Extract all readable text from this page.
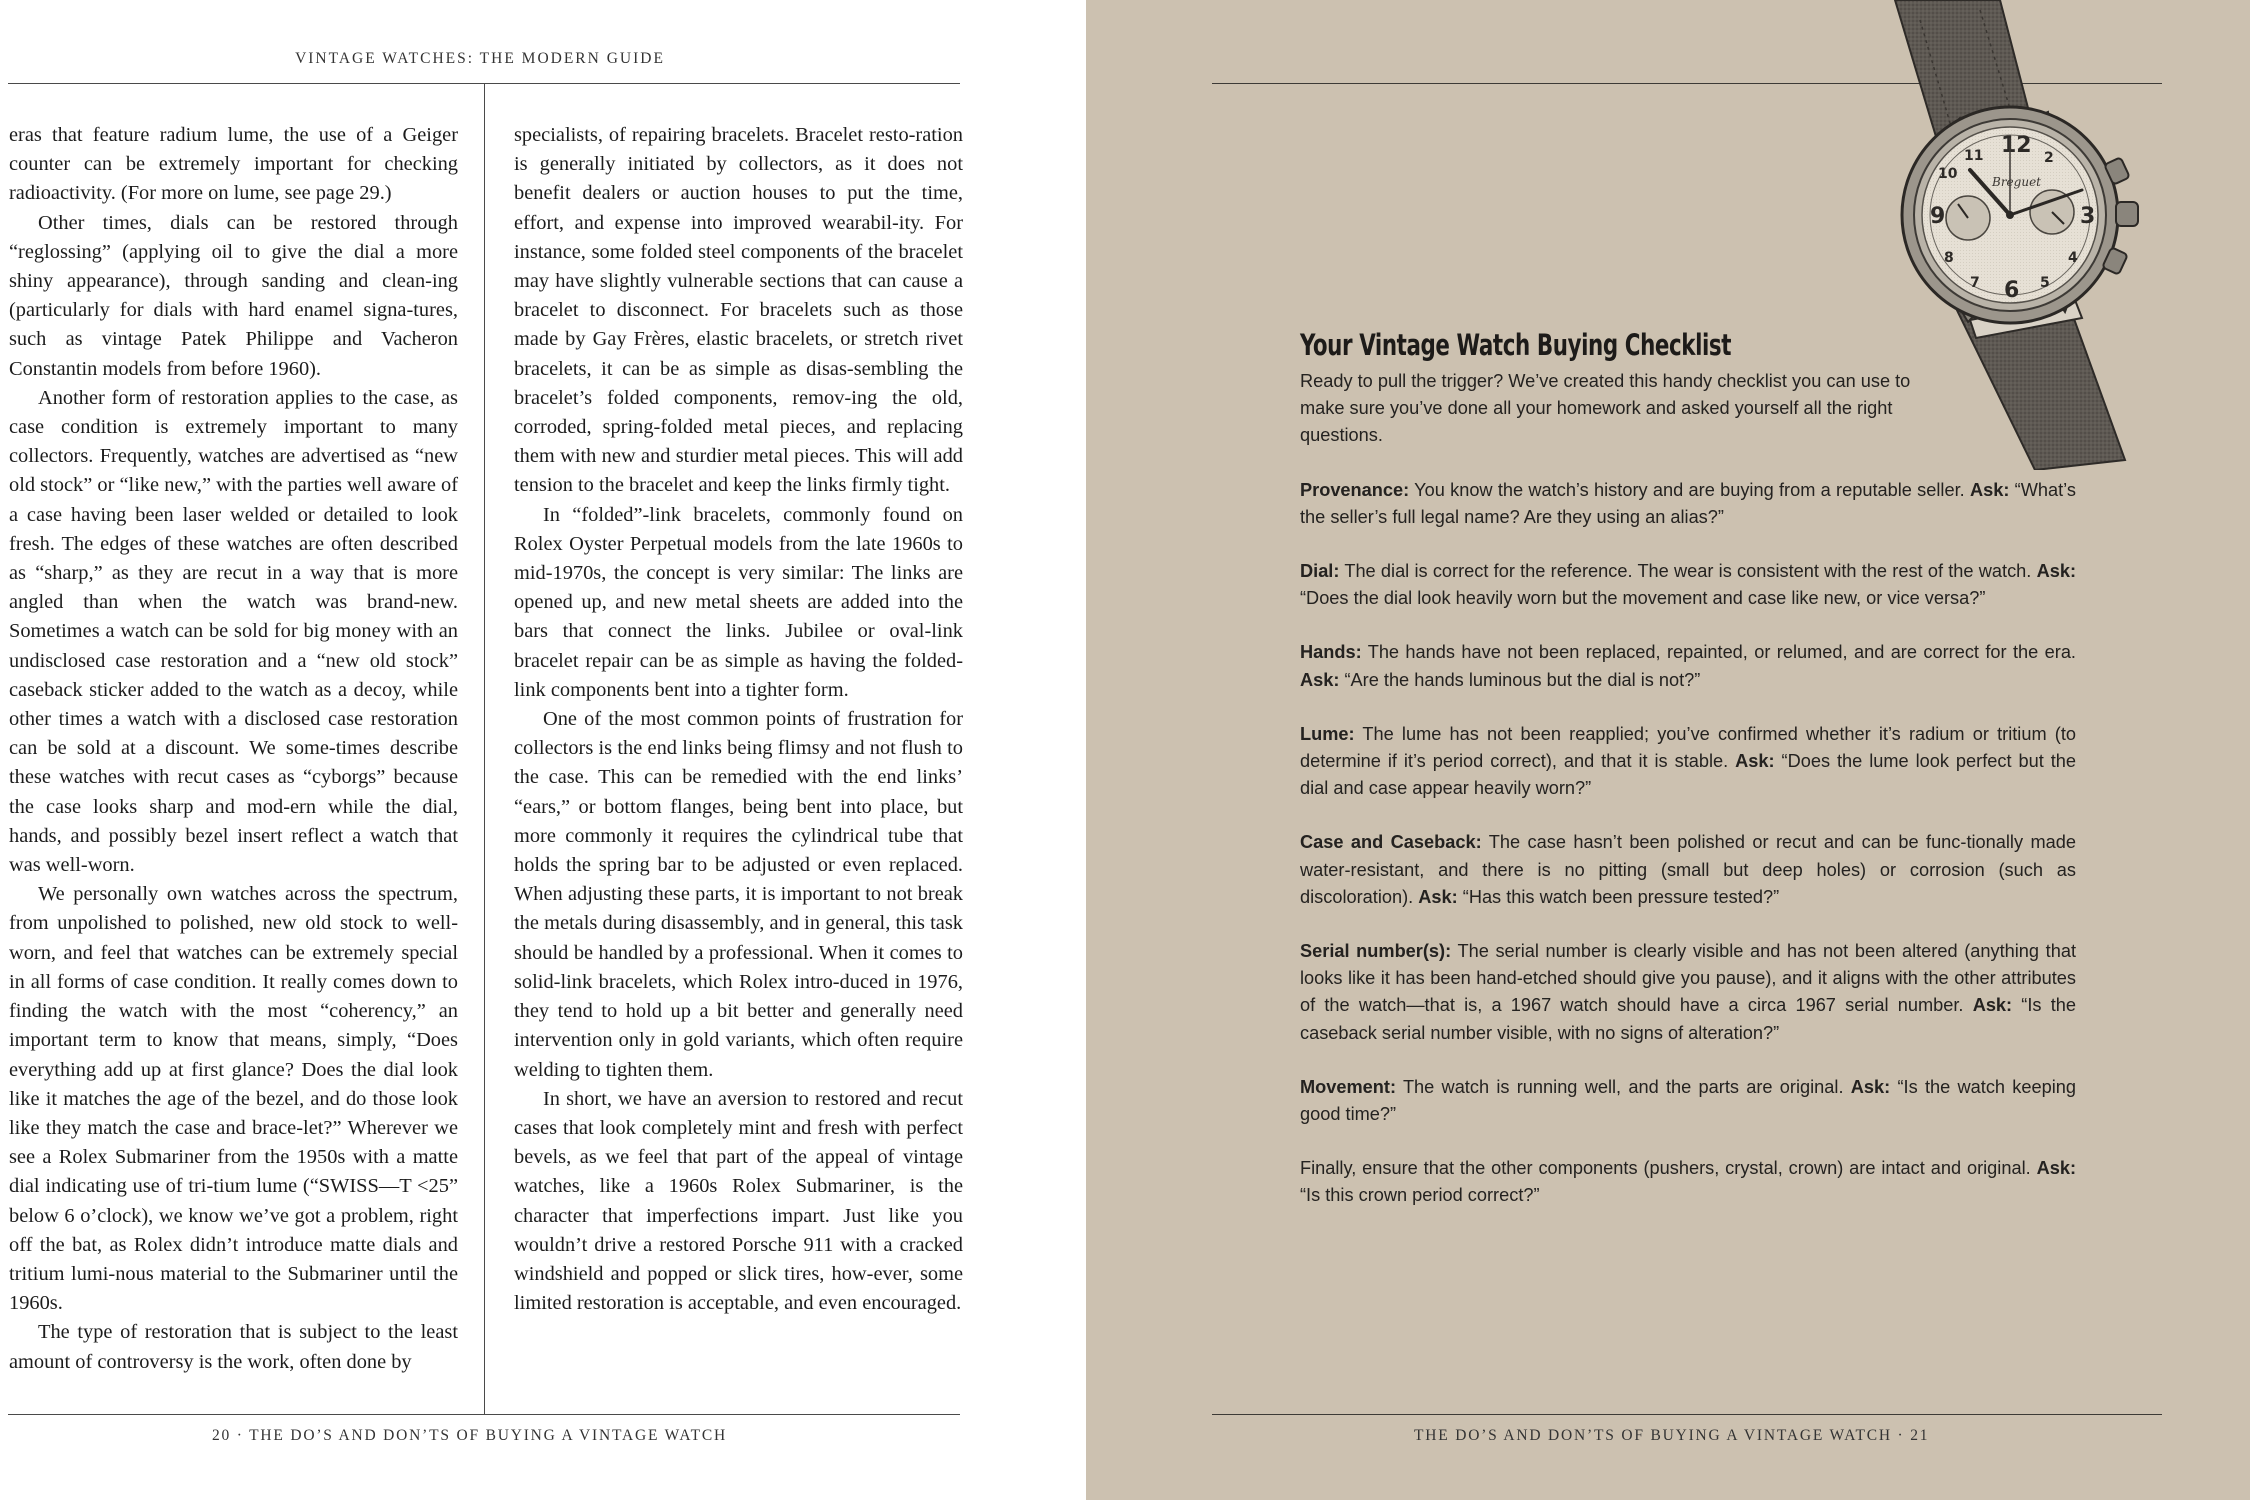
VINTAGE WATCHES: THE MODERN GUIDE

eras that feature radium lume, the use of a Geiger counter can be extremely important for checking radioactivity. (For more on lume, see page 29.)

Other times, dials can be restored through “reglossing” (applying oil to give the dial a more shiny appearance), through sanding and clean-ing (particularly for dials with hard enamel signa-tures, such as vintage Patek Philippe and Vacheron Constantin models from before 1960).

Another form of restoration applies to the case, as case condition is extremely important to many collectors. Frequently, watches are advertised as “new old stock” or “like new,” with the parties well aware of a case having been laser welded or detailed to look fresh. The edges of these watches are often described as “sharp,” as they are recut in a way that is more angled than when the watch was brand-new. Sometimes a watch can be sold for big money with an undisclosed case restoration and a “new old stock” caseback sticker added to the watch as a decoy, while other times a watch with a disclosed case restoration can be sold at a discount. We some-times describe these watches with recut cases as “cyborgs” because the case looks sharp and mod-ern while the dial, hands, and possibly bezel insert reflect a watch that was well-worn.

We personally own watches across the spectrum, from unpolished to polished, new old stock to well-worn, and feel that watches can be extremely special in all forms of case condition. It really comes down to finding the watch with the most “coherency,” an important term to know that means, simply, “Does everything add up at first glance? Does the dial look like it matches the age of the bezel, and do those look like they match the case and brace-let?” Wherever we see a Rolex Submariner from the 1950s with a matte dial indicating use of tri-tium lume (“SWISS—T <25” below 6 o’clock), we know we’ve got a problem, right off the bat, as Rolex didn’t introduce matte dials and tritium lumi-nous material to the Submariner until the 1960s.

The type of restoration that is subject to the least amount of controversy is the work, often done by

specialists, of repairing bracelets. Bracelet resto-ration is generally initiated by collectors, as it does not benefit dealers or auction houses to put the time, effort, and expense into improved wearabil-ity. For instance, some folded steel components of the bracelet may have slightly vulnerable sections that can cause a bracelet to disconnect. For bracelets such as those made by Gay Frères, elastic bracelets, or stretch rivet bracelets, it can be as simple as disas-sembling the bracelet’s folded components, remov-ing the old, corroded, spring-folded metal pieces, and replacing them with new and sturdier metal pieces. This will add tension to the bracelet and keep the links firmly tight.

In “folded”-link bracelets, commonly found on Rolex Oyster Perpetual models from the late 1960s to mid-1970s, the concept is very similar: The links are opened up, and new metal sheets are added into the bars that connect the links. Jubilee or oval-link bracelet repair can be as simple as having the folded-link components bent into a tighter form.

One of the most common points of frustration for collectors is the end links being flimsy and not flush to the case. This can be remedied with the end links’ “ears,” or bottom flanges, being bent into place, but more commonly it requires the cylindrical tube that holds the spring bar to be adjusted or even replaced. When adjusting these parts, it is important to not break the metals during disassembly, and in general, this task should be handled by a professional. When it comes to solid-link bracelets, which Rolex intro-duced in 1976, they tend to hold up a bit better and generally need intervention only in gold variants, which often require welding to tighten them.

In short, we have an aversion to restored and recut cases that look completely mint and fresh with perfect bevels, as we feel that part of the appeal of vintage watches, like a 1960s Rolex Submariner, is the character that imperfections impart. Just like you wouldn’t drive a restored Porsche 911 with a cracked windshield and popped or slick tires, how-ever, some limited restoration is acceptable, and even encouraged.

20 · THE DO’S AND DON’TS OF BUYING A VINTAGE WATCH
12
3
6
9
2
4
5
7
8
10
11
Breguet
Your Vintage Watch Buying Checklist

Ready to pull the trigger? We’ve created this handy checklist you can use to make sure you’ve done all your homework and asked yourself all the right questions.

Provenance: You know the watch’s history and are buying from a reputable seller. Ask: “What’s the seller’s full legal name? Are they using an alias?”

Dial: The dial is correct for the reference. The wear is consistent with the rest of the watch. Ask: “Does the dial look heavily worn but the movement and case like new, or vice versa?”

Hands: The hands have not been replaced, repainted, or relumed, and are correct for the era. Ask: “Are the hands luminous but the dial is not?”

Lume: The lume has not been reapplied; you’ve confirmed whether it’s radium or tritium (to determine if it’s period correct), and that it is stable. Ask: “Does the lume look perfect but the dial and case appear heavily worn?”

Case and Caseback: The case hasn’t been polished or recut and can be func-tionally made water-resistant, and there is no pitting (small but deep holes) or corrosion (such as discoloration). Ask: “Has this watch been pressure tested?”

Serial number(s): The serial number is clearly visible and has not been altered (anything that looks like it has been hand-etched should give you pause), and it aligns with the other attributes of the watch—that is, a 1967 watch should have a circa 1967 serial number. Ask: “Is the caseback serial number visible, with no signs of alteration?”

Movement: The watch is running well, and the parts are original. Ask: “Is the watch keeping good time?”

Finally, ensure that the other components (pushers, crystal, crown) are intact and original. Ask: “Is this crown period correct?”

THE DO’S AND DON’TS OF BUYING A VINTAGE WATCH · 21
